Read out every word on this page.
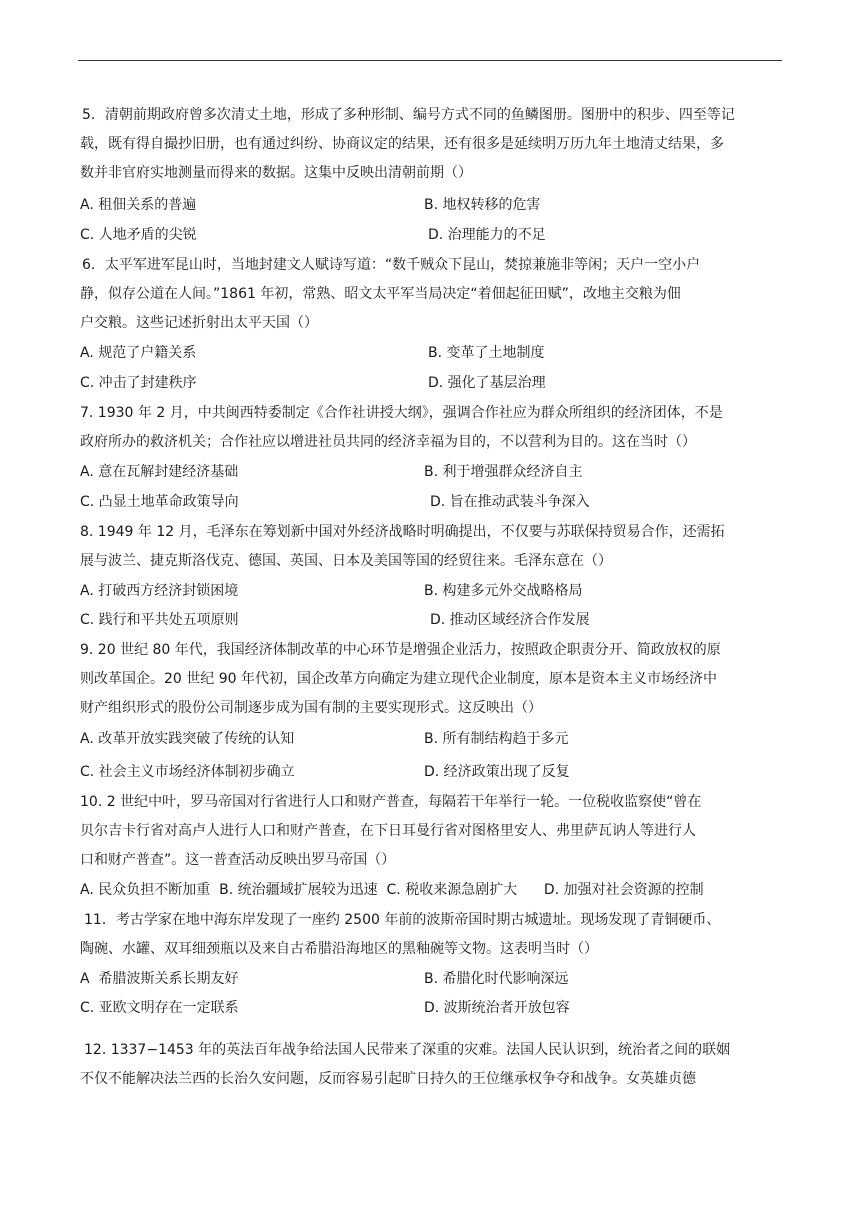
5．清朝前期政府曾多次清丈土地，形成了多种形制、编号方式不同的鱼鳞图册。图册中的积步、四至等记
载，既有得自撮抄旧册，也有通过纠纷、协商议定的结果，还有很多是延续明万历九年土地清丈结果，多
数并非官府实地测量而得来的数据。这集中反映出清朝前期（）
A. 租佃关系的普遍	B. 地权转移的危害
C. 人地矛盾的尖锐	D. 治理能力的不足
6．太平军进军昆山时，当地封建文人赋诗写道：“数千贼众下昆山，焚掠兼施非等闲；天户一空小户
静，似存公道在人间。”1861 年初，常熟、昭文太平军当局决定“着佃起征田赋”，改地主交粮为佃
户交粮。这些记述折射出太平天国（）
A. 规范了户籍关系	B. 变革了土地制度
C. 冲击了封建秩序	D. 强化了基层治理
7. 1930 年 2 月，中共闽西特委制定《合作社讲授大纲》，强调合作社应为群众所组织的经济团体，不是
政府所办的救济机关；合作社应以增进社员共同的经济幸福为目的，不以营利为目的。这在当时（）
A. 意在瓦解封建经济基础	B. 利于增强群众经济自主
C. 凸显土地革命政策导向	D. 旨在推动武装斗争深入
8. 1949 年 12 月，毛泽东在筹划新中国对外经济战略时明确提出，不仅要与苏联保持贸易合作，还需拓
展与波兰、捷克斯洛伐克、德国、英国、日本及美国等国的经贸往来。毛泽东意在（）
A. 打破西方经济封锁困境	B. 构建多元外交战略格局
C. 践行和平共处五项原则	D. 推动区域经济合作发展
9. 20 世纪 80 年代，我国经济体制改革的中心环节是增强企业活力，按照政企职责分开、简政放权的原
则改革国企。20 世纪 90 年代初，国企改革方向确定为建立现代企业制度，原本是资本主义市场经济中
财产组织形式的股份公司制逐步成为国有制的主要实现形式。这反映出（）
A. 改革开放实践突破了传统的认知	B. 所有制结构趋于多元
C. 社会主义市场经济体制初步确立	D. 经济政策出现了反复
10. 2 世纪中叶，罗马帝国对行省进行人口和财产普查，每隔若干年举行一轮。一位税收监察使“曾在
贝尔吉卡行省对高卢人进行人口和财产普查，在下日耳曼行省对图格里安人、弗里萨瓦讷人等进行人
口和财产普查”。这一普查活动反映出罗马帝国（）
A. 民众负担不断加重  B. 统治疆域扩展较为迅速  C. 税收来源急剧扩大      D. 加强对社会资源的控制
11．考古学家在地中海东岸发现了一座约 2500 年前的波斯帝国时期古城遗址。现场发现了青铜硬币、
陶碗、水罐、双耳细颈瓶以及来自古希腊沿海地区的黑釉碗等文物。这表明当时（）
A  希腊波斯关系长期友好	B. 希腊化时代影响深远
C. 亚欧文明存在一定联系	D. 波斯统治者开放包容
12. 1337−1453 年的英法百年战争给法国人民带来了深重的灾难。法国人民认识到，统治者之间的联姻
不仅不能解决法兰西的长治久安问题，反而容易引起旷日持久的王位继承权争夺和战争。女英雄贞德
